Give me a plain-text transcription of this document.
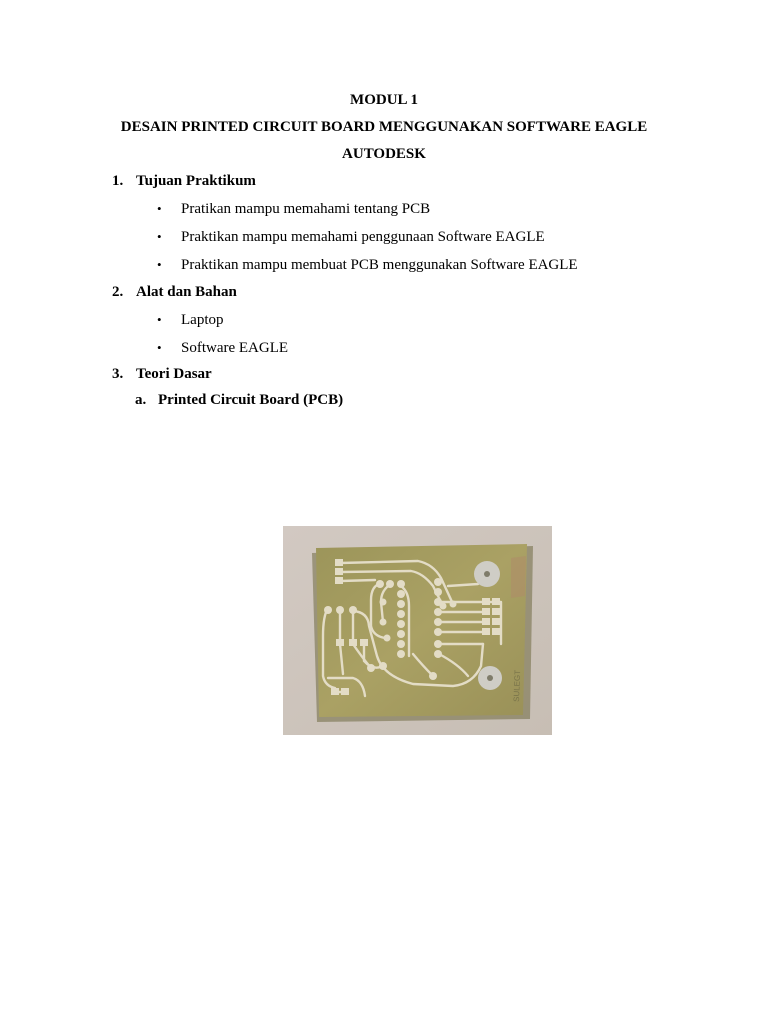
MODUL 1
DESAIN PRINTED CIRCUIT BOARD MENGGUNAKAN SOFTWARE EAGLE
AUTODESK
1. Tujuan Praktikum
• Pratikan mampu memahami tentang PCB
• Praktikan mampu memahami penggunaan Software EAGLE
• Praktikan mampu membuat PCB menggunakan Software EAGLE
2. Alat dan Bahan
• Laptop
• Software EAGLE
3. Teori Dasar
a. Printed Circuit Board (PCB)
SULEGT
